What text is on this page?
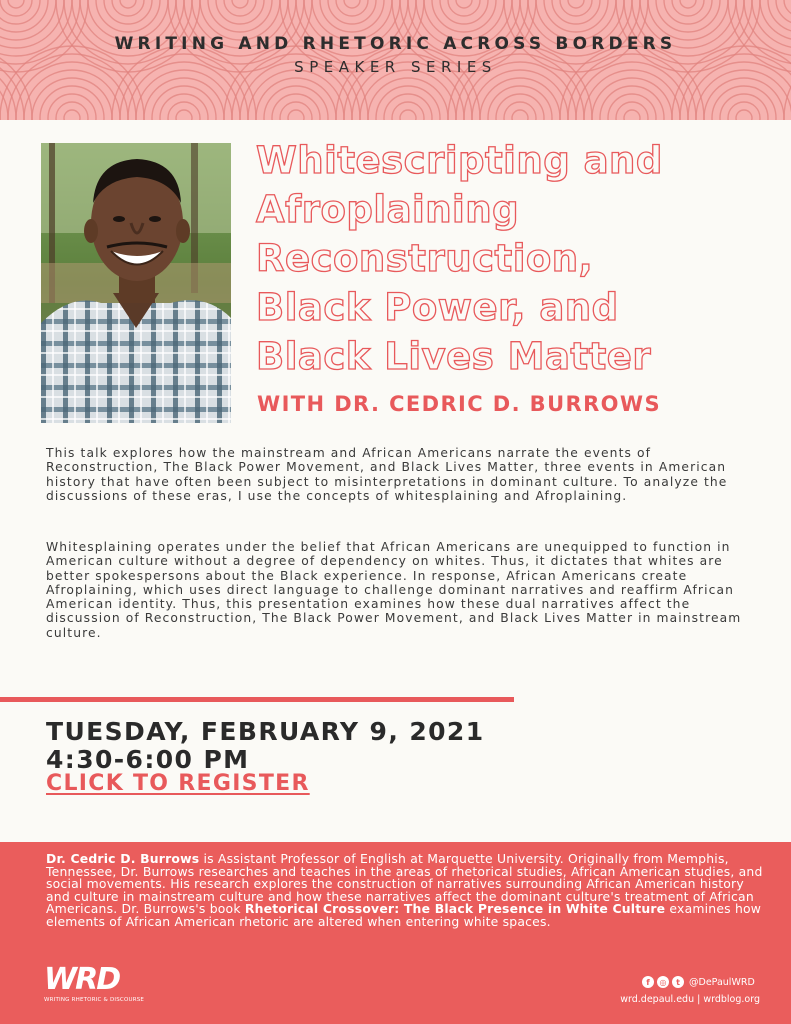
WRITING AND RHETORIC ACROSS BORDERS
SPEAKER SERIES
Whitescripting and
Afroplaining
Reconstruction,
Black Power, and
Black Lives Matter
WITH DR. CEDRIC D. BURROWS
This talk explores how the mainstream and African Americans narrate the events of Reconstruction, The Black Power Movement, and Black Lives Matter, three events in American history that have often been subject to misinterpretations in dominant culture. To analyze the discussions of these eras, I use the concepts of whitesplaining and Afroplaining.
Whitesplaining operates under the belief that African Americans are unequipped to function in American culture without a degree of dependency on whites. Thus, it dictates that whites are better spokespersons about the Black experience. In response, African Americans create Afroplaining, which uses direct language to challenge dominant narratives and reaffirm African American identity. Thus, this presentation examines how these dual narratives affect the discussion of Reconstruction, The Black Power Movement, and Black Lives Matter in mainstream culture.
TUESDAY, FEBRUARY 9, 2021
4:30-6:00 PM
CLICK TO REGISTER
Dr. Cedric D. Burrows is Assistant Professor of English at Marquette University. Originally from Memphis, Tennessee, Dr. Burrows researches and teaches in the areas of rhetorical studies, African American studies, and social movements. His research explores the construction of narratives surrounding African American history and culture in mainstream culture and how these narratives affect the dominant culture's treatment of African Americans. Dr. Burrows's book Rhetorical Crossover: The Black Presence in White Culture examines how elements of African American rhetoric are altered when entering white spaces.
WRD
WRITING RHETORIC & DISCOURSE
f	◎	t @DePaulWRD
wrd.depaul.edu | wrdblog.org
